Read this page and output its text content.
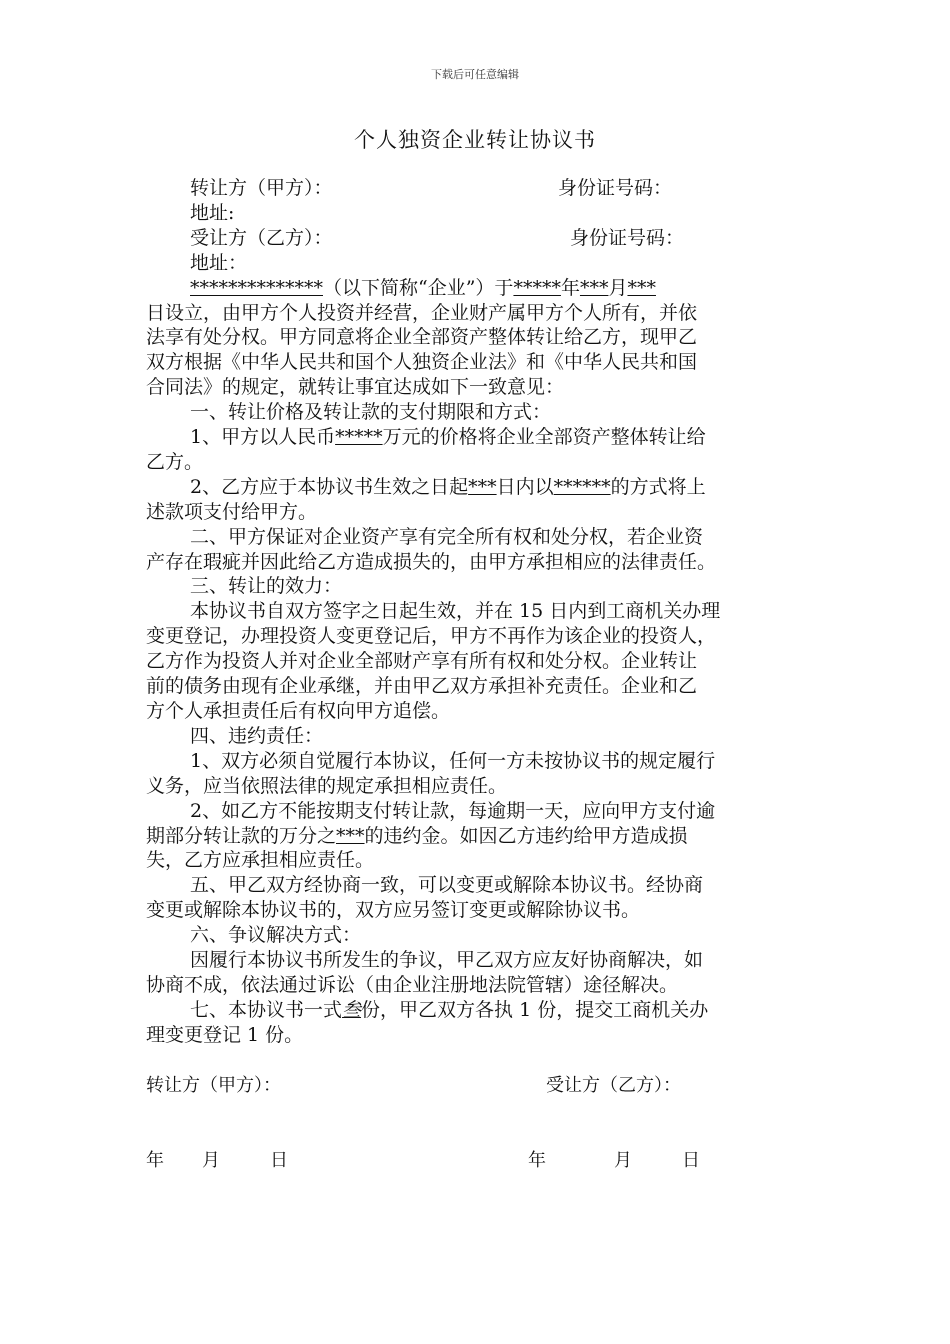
下载后可任意编辑
个人独资企业转让协议书
转让方（甲方）：	身份证号码：
地址:
受让方（乙方）：	身份证号码：
地址：
**************（以下简称“企业”）于*****年***月***
日设立，由甲方个人投资并经营，企业财产属甲方个人所有，并依
法享有处分权。甲方同意将企业全部资产整体转让给乙方，现甲乙
双方根据《中华人民共和国个人独资企业法》和《中华人民共和国
合同法》的规定，就转让事宜达成如下一致意见：
一、转让价格及转让款的支付期限和方式：
1、甲方以人民币*****万元的价格将企业全部资产整体转让给
乙方。
2、乙方应于本协议书生效之日起***日内以******的方式将上
述款项支付给甲方。
二、甲方保证对企业资产享有完全所有权和处分权，若企业资
产存在瑕疵并因此给乙方造成损失的，由甲方承担相应的法律责任。
三、转让的效力：
本协议书自双方签字之日起生效，并在 15 日内到工商机关办理
变更登记，办理投资人变更登记后，甲方不再作为该企业的投资人，
乙方作为投资人并对企业全部财产享有所有权和处分权。企业转让
前的债务由现有企业承继，并由甲乙双方承担补充责任。企业和乙
方个人承担责任后有权向甲方追偿。
四、违约责任：
1、双方必须自觉履行本协议，任何一方未按协议书的规定履行
义务，应当依照法律的规定承担相应责任。
2、如乙方不能按期支付转让款，每逾期一天，应向甲方支付逾
期部分转让款的万分之***的违约金。如因乙方违约给甲方造成损
失，乙方应承担相应责任。
五、甲乙双方经协商一致，可以变更或解除本协议书。经协商
变更或解除本协议书的，双方应另签订变更或解除协议书。
六、争议解决方式：
因履行本协议书所发生的争议，甲乙双方应友好协商解决，如
协商不成，依法通过诉讼（由企业注册地法院管辖）途径解决。
七、本协议书一式叁份，甲乙双方各执 1 份，提交工商机关办
理变更登记 1 份。
转让方（甲方）：	受让方（乙方）：
年 月	日	年	月	日
